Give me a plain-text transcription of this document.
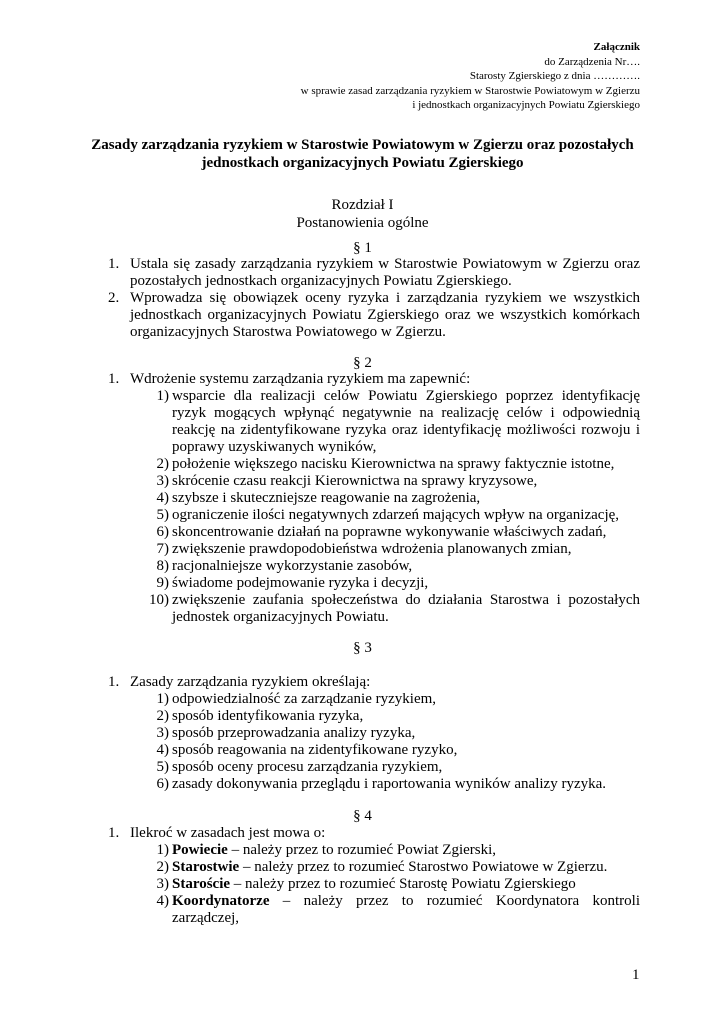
Załącznik
do Zarządzenia Nr….
Starosty Zgierskiego z dnia ………….
w sprawie zasad zarządzania ryzykiem w Starostwie Powiatowym w Zgierzu
i jednostkach organizacyjnych Powiatu Zgierskiego
Zasady zarządzania ryzykiem w Starostwie Powiatowym w Zgierzu oraz pozostałych jednostkach organizacyjnych Powiatu Zgierskiego
Rozdział I
Postanowienia ogólne
§ 1
1. Ustala się zasady zarządzania ryzykiem w Starostwie Powiatowym w Zgierzu oraz pozostałych jednostkach organizacyjnych Powiatu Zgierskiego.
2. Wprowadza się obowiązek oceny ryzyka i zarządzania ryzykiem we wszystkich jednostkach organizacyjnych Powiatu Zgierskiego oraz we wszystkich komórkach organizacyjnych Starostwa Powiatowego w Zgierzu.
§ 2
1. Wdrożenie systemu zarządzania ryzykiem ma zapewnić:
1) wsparcie dla realizacji celów Powiatu Zgierskiego poprzez identyfikację ryzyk mogących wpłynąć negatywnie na realizację celów i odpowiednią reakcję na zidentyfikowane ryzyka oraz identyfikację możliwości rozwoju i poprawy uzyskiwanych wyników,
2) położenie większego nacisku Kierownictwa na sprawy faktycznie istotne,
3) skrócenie czasu reakcji Kierownictwa na sprawy kryzysowe,
4) szybsze i skuteczniejsze reagowanie na zagrożenia,
5) ograniczenie ilości negatywnych zdarzeń mających wpływ na organizację,
6) skoncentrowanie działań na poprawne wykonywanie właściwych zadań,
7) zwiększenie prawdopodobieństwa wdrożenia planowanych zmian,
8) racjonalniejsze wykorzystanie zasobów,
9) świadome podejmowanie ryzyka i decyzji,
10) zwiększenie zaufania społeczeństwa do działania Starostwa i pozostałych jednostek organizacyjnych Powiatu.
§ 3
1. Zasady zarządzania ryzykiem określają:
1) odpowiedzialność za zarządzanie ryzykiem,
2) sposób identyfikowania ryzyka,
3) sposób przeprowadzania analizy ryzyka,
4) sposób reagowania na zidentyfikowane ryzyko,
5) sposób oceny procesu zarządzania ryzykiem,
6) zasady dokonywania przeglądu i raportowania wyników analizy ryzyka.
§ 4
1. Ilekroć w zasadach jest mowa o:
1) Powiecie – należy przez to rozumieć Powiat Zgierski,
2) Starostwie – należy przez to rozumieć Starostwo Powiatowe w Zgierzu.
3) Staroście – należy przez to rozumieć Starostę Powiatu Zgierskiego
4) Koordynatorze – należy przez to rozumieć Koordynatora kontroli zarządczej,
1
